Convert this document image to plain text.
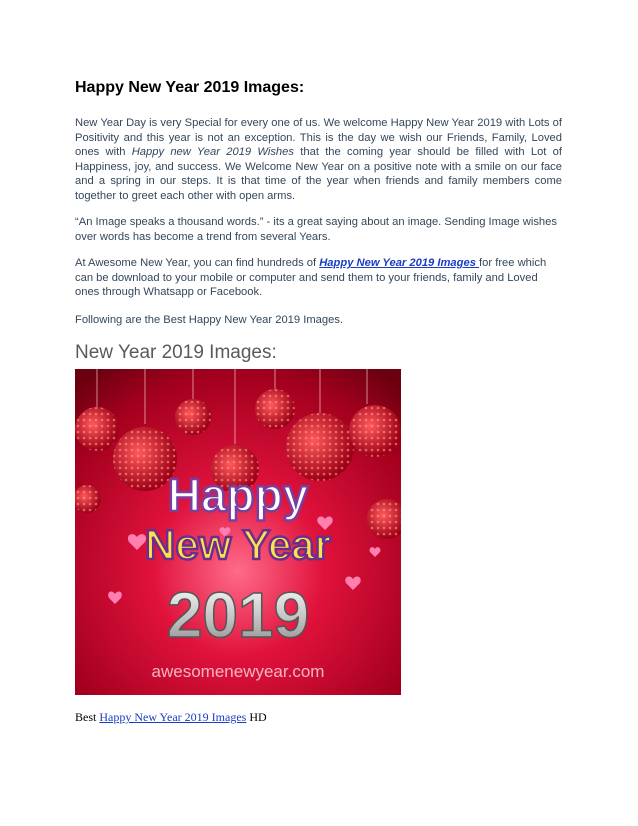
Happy New Year 2019 Images:

New Year Day is very Special for every one of us. We welcome Happy New Year 2019 with Lots of Positivity and this year is not an exception. This is the day we wish our Friends, Family, Loved ones with Happy new Year 2019 Wishes that the coming year should be filled with Lot of Happiness, joy, and success. We Welcome New Year on a positive note with a smile on our face and a spring in our steps. It is that time of the year when friends and family members come together to greet each other with open arms.

“An Image speaks a thousand words.” - its a great saying about an image. Sending Image wishes over words has become a trend from several Years.

At Awesome New Year, you can find hundreds of Happy New Year 2019 Images for free which can be download to your mobile or computer and send them to your friends, family and Loved ones through Whatsapp or Facebook.

Following are the Best Happy New Year 2019 Images.

New Year 2019 Images:
Happy
New Year
2019
awesomenewyear.com
Best Happy New Year 2019 Images HD
